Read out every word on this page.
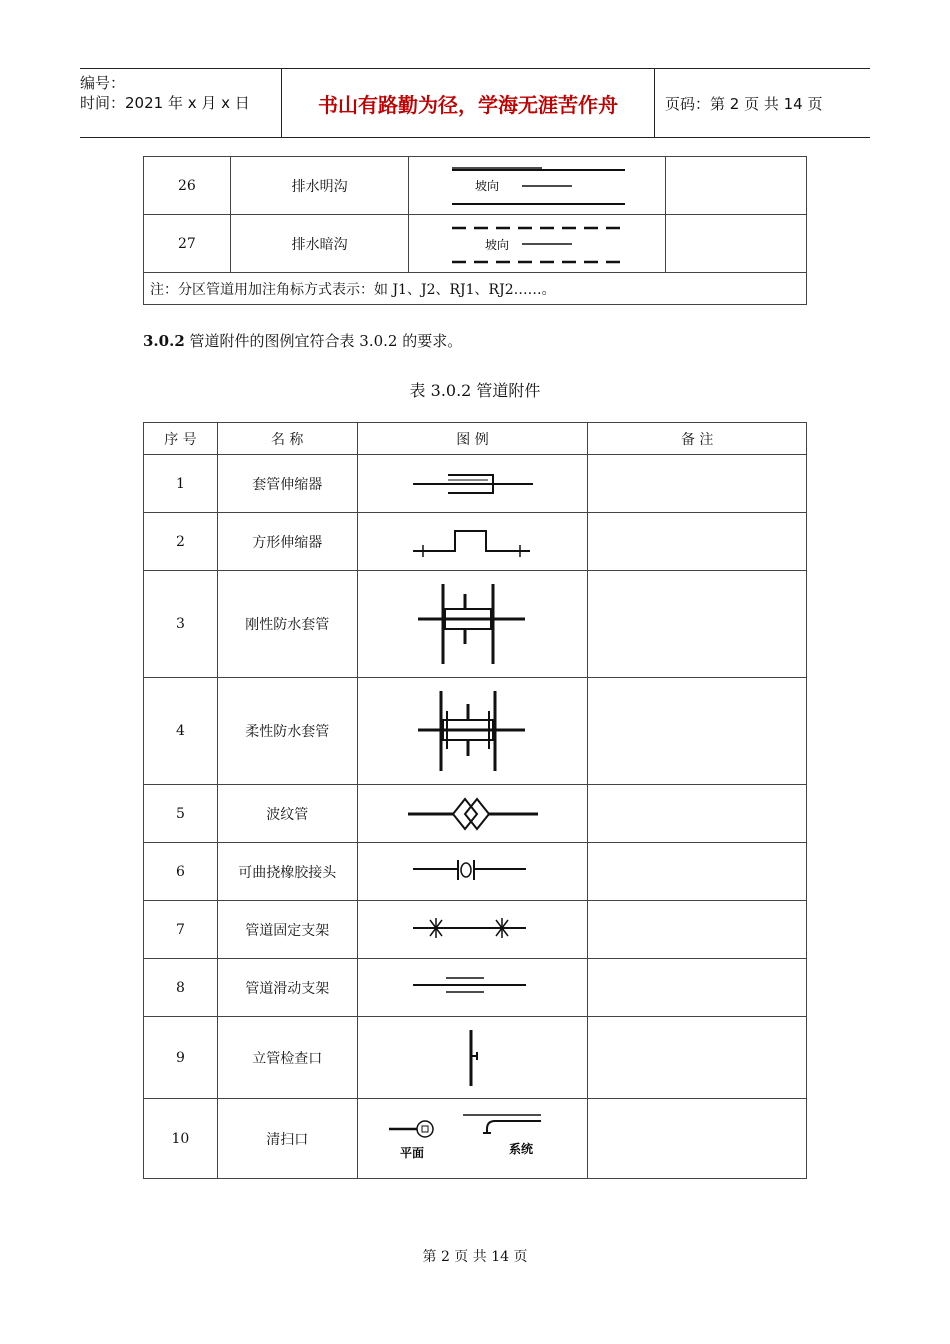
编号：
时间：2021 年 x 月 x 日	书山有路勤为径，学海无涯苦作舟	页码：第 2 页 共 14 页
26	排水明沟	坡向	

27	排水暗沟	坡向	

注：分区管道用加注角标方式表示：如 J1、J2、RJ1、RJ2……。			
3.0.2 管道附件的图例宜符合表 3.0.2 的要求。
表 3.0.2 管道附件
序 号	名 称	图 例	备 注
1	套管伸缩器	

2	方形伸缩器	

3	刚性防水套管	

4	柔性防水套管	

5	波纹管	

6	可曲挠橡胶接头	

7	管道固定支架	

8	管道滑动支架	

9	立管检查口	

10	清扫口	平面 系统	

第 2 页 共 14 页
